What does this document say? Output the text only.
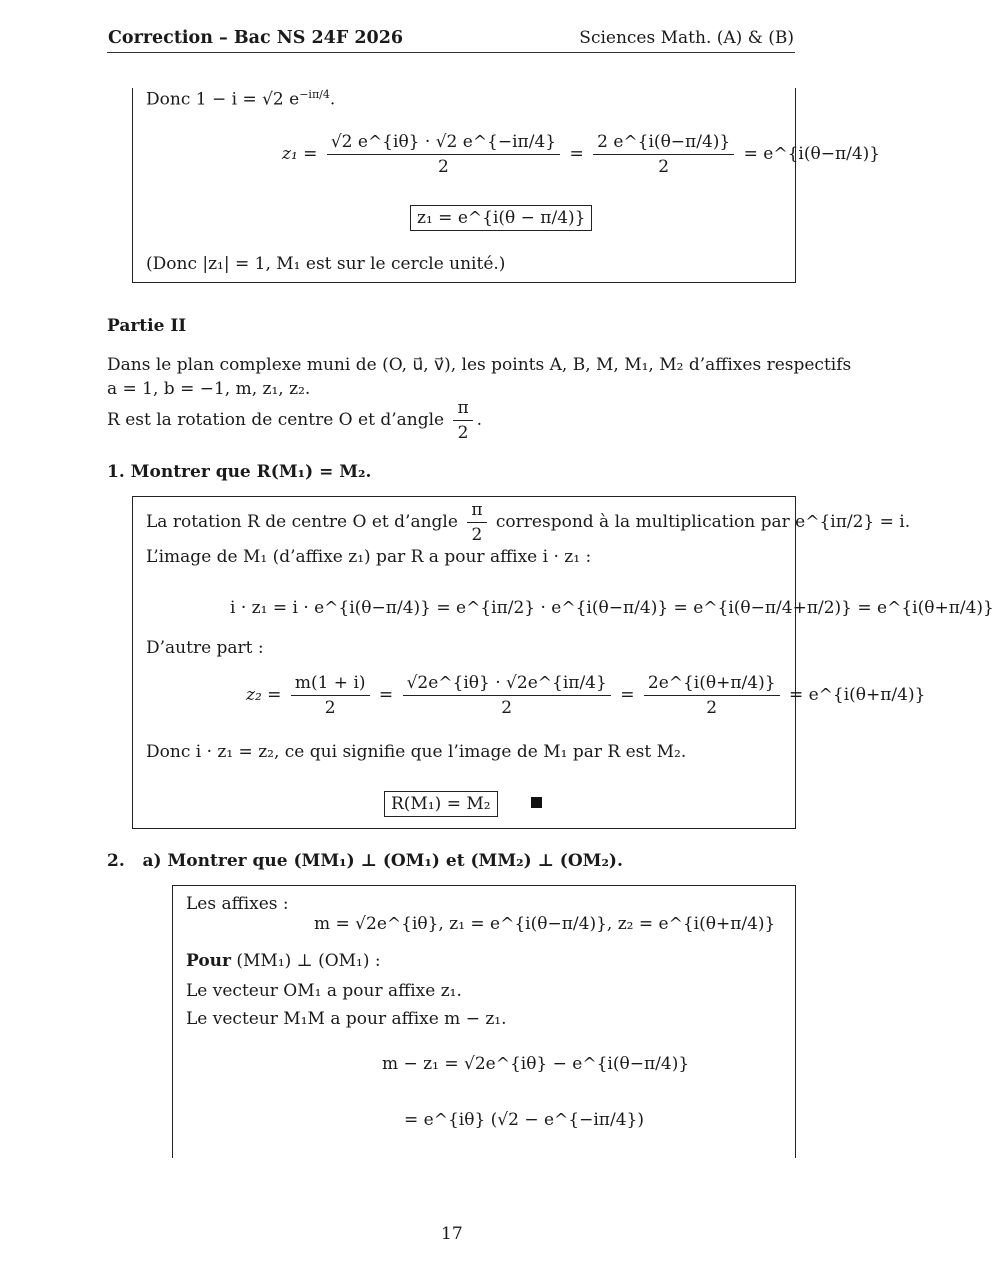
Correction – Bac NS 24F 2026	Sciences Math. (A) & (B)
Donc 1 − i = √2 $e^{-i\pi/4}$.
$z_1 = \frac{√2 e\^{}\{i\theta\} \cdot √2 e\^{}\{-i\pi/4\}}{2} = \frac{2 e\^{}\{i(\theta-\pi/4)\}}{2}$ = e^{i(θ−π/4)}
z₁ = e^{i(θ − π/4)}
(Donc |z₁| = 1, M₁ est sur le cercle unité.)
Partie II
Dans le plan complexe muni de (O, u⃗, v⃗), les points A, B, M, M₁, M₂ d’affixes respectifs
a = 1, b = −1, m, z₁, z₂.
R est la rotation de centre O et d’angle $\frac{\pi}{2}$ .
1. Montrer que R(M₁) = M₂.
La rotation R de centre O et d’angle $\frac{\pi}{2}$ correspond à la multiplication par e^{iπ/2} = i.
L’image de M₁ (d’affixe z₁) par R a pour affixe i · z₁ :
i · z₁ = i · e^{i(θ−π/4)} = e^{iπ/2} · e^{i(θ−π/4)} = e^{i(θ−π/4+π/2)} = e^{i(θ+π/4)}
D’autre part :
$z_2 = \frac{m(1 + i)}{2} = \frac{√2e\^{}\{i\theta\} \cdot √2e\^{}\{i\pi/4\}}{2} = \frac{2e\^{}\{i(\theta+\pi/4)\}}{2}$ = e^{i(θ+π/4)}
Donc i · z₁ = z₂, ce qui signifie que l’image de M₁ par R est M₂.
R(M₁) = M₂
2. a) Montrer que (MM₁) ⊥ (OM₁) et (MM₂) ⊥ (OM₂).
Les affixes :
m = √2e^{iθ}, z₁ = e^{i(θ−π/4)}, z₂ = e^{i(θ+π/4)}
Pour (MM₁) ⊥ (OM₁) :
Le vecteur OM₁ a pour affixe z₁.
Le vecteur M₁M a pour affixe m − z₁.
m − z₁ = √2e^{iθ} − e^{i(θ−π/4)}
= e^{iθ} (√2 − e^{−iπ/4})
17
